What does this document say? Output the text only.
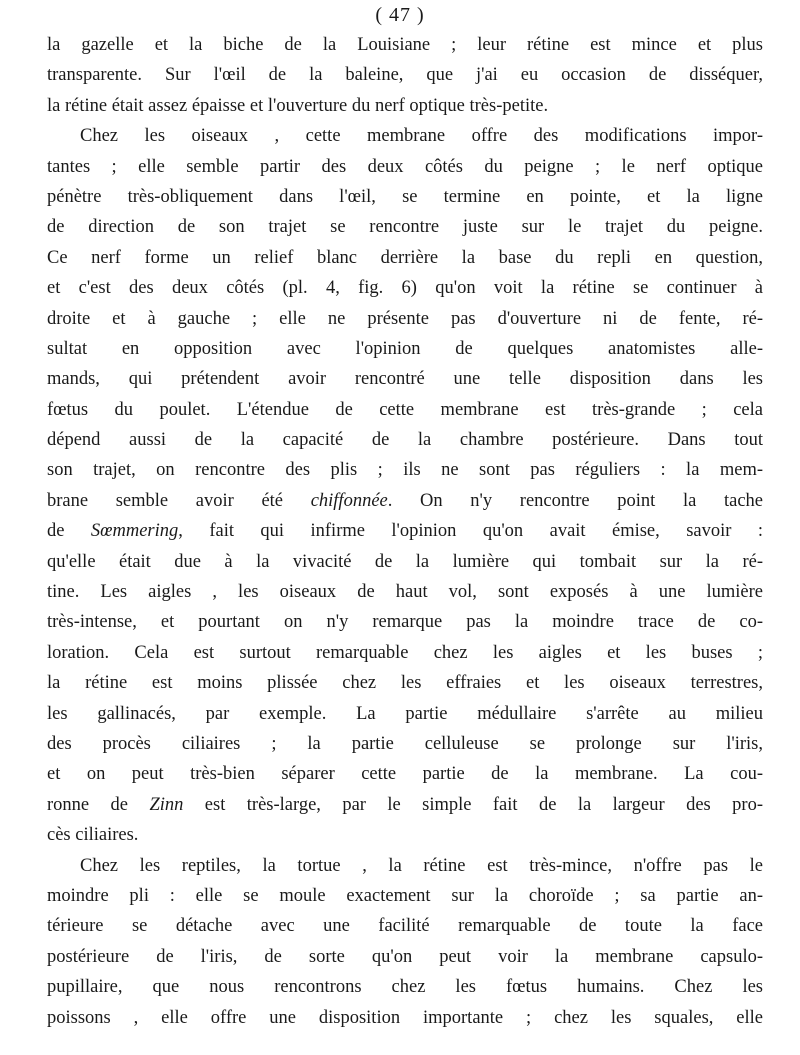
( 47 )
la gazelle et la biche de la Louisiane ; leur rétine est mince et plus
transparente. Sur l'œil de la baleine, que j'ai eu occasion de disséquer,
la rétine était assez épaisse et l'ouverture du nerf optique très-petite.
Chez les oiseaux , cette membrane offre des modifications impor-
tantes ; elle semble partir des deux côtés du peigne ; le nerf optique
pénètre très-obliquement dans l'œil, se termine en pointe, et la ligne
de direction de son trajet se rencontre juste sur le trajet du peigne.
Ce nerf forme un relief blanc derrière la base du repli en question,
et c'est des deux côtés (pl. 4, fig. 6) qu'on voit la rétine se continuer à
droite et à gauche ; elle ne présente pas d'ouverture ni de fente, ré-
sultat en opposition avec l'opinion de quelques anatomistes alle-
mands, qui prétendent avoir rencontré une telle disposition dans les
fœtus du poulet. L'étendue de cette membrane est très-grande ; cela
dépend aussi de la capacité de la chambre postérieure. Dans tout
son trajet, on rencontre des plis ; ils ne sont pas réguliers : la mem-
brane semble avoir été chiffonnée. On n'y rencontre point la tache
de Sœmmering, fait qui infirme l'opinion qu'on avait émise, savoir :
qu'elle était due à la vivacité de la lumière qui tombait sur la ré-
tine. Les aigles , les oiseaux de haut vol, sont exposés à une lumière
très-intense, et pourtant on n'y remarque pas la moindre trace de co-
loration. Cela est surtout remarquable chez les aigles et les buses ;
la rétine est moins plissée chez les effraies et les oiseaux terrestres,
les gallinacés, par exemple. La partie médullaire s'arrête au milieu
des procès ciliaires ; la partie celluleuse se prolonge sur l'iris,
et on peut très-bien séparer cette partie de la membrane. La cou-
ronne de Zinn est très-large, par le simple fait de la largeur des pro-
cès ciliaires.
Chez les reptiles, la tortue , la rétine est très-mince, n'offre pas le
moindre pli : elle se moule exactement sur la choroïde ; sa partie an-
térieure se détache avec une facilité remarquable de toute la face
postérieure de l'iris, de sorte qu'on peut voir la membrane capsulo-
pupillaire, que nous rencontrons chez les fœtus humains. Chez les
poissons , elle offre une disposition importante ; chez les squales, elle
